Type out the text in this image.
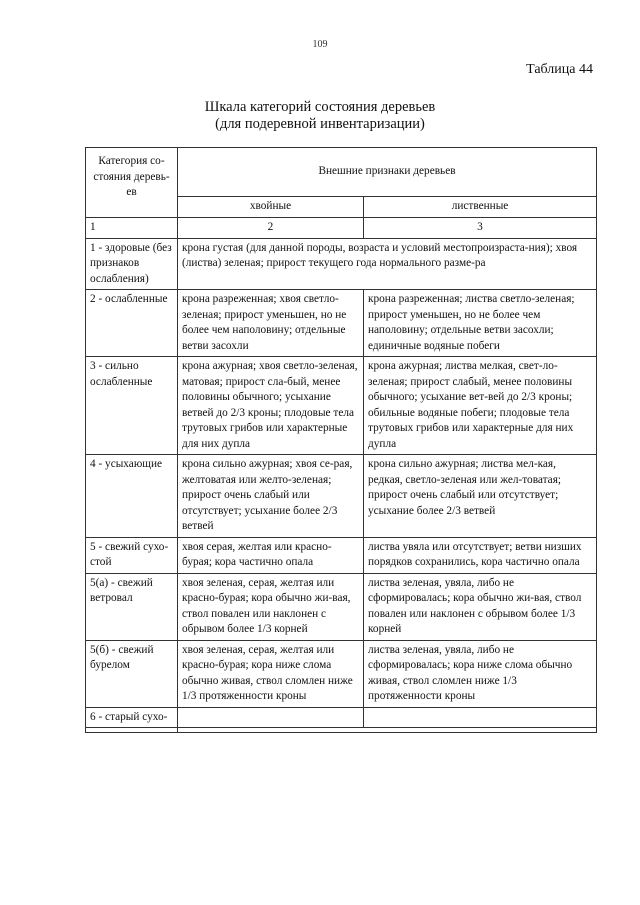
109
Таблица 44
Шкала категорий состояния деревьев
(для подеревной инвентаризации)
Категория со-стояния деревь-ев	Внешние признаки деревьев	
	хвойные	лиственные
1	2	3
1 - здоровые (без признаков ослабления)	крона густая (для данной породы, возраста и условий местопроизраста-ния); хвоя (листва) зеленая; прирост текущего года нормального разме-ра	
2 - ослабленные	крона разреженная; хвоя светло-зеленая; прирост уменьшен, но не более чем наполовину; отдельные ветви засохли	крона разреженная; листва светло-зеленая; прирост уменьшен, но не более чем наполовину; отдельные ветви засохли; единичные водяные побеги
3 - сильно ослабленные	крона ажурная; хвоя светло-зеленая, матовая; прирост сла-бый, менее половины обычного; усыхание ветвей до 2/3 кроны; плодовые тела трутовых грибов или характерные для них дупла	крона ажурная; листва мелкая, свет-ло-зеленая; прирост слабый, менее половины обычного; усыхание вет-вей до 2/3 кроны; обильные водяные побеги; плодовые тела трутовых грибов или характерные для них дупла
4 - усыхающие	крона сильно ажурная; хвоя се-рая, желтоватая или желто-зеленая; прирост очень слабый или отсутствует; усыхание более 2/3 ветвей	крона сильно ажурная; листва мел-кая, редкая, светло-зеленая или жел-товатая; прирост очень слабый или отсутствует; усыхание более 2/3 ветвей
5 - свежий сухо-стой	хвоя серая, желтая или красно-бурая; кора частично опала	листва увяла или отсутствует; ветви низших порядков сохранились, кора частично опала
5(а) - свежий ветровал	хвоя зеленая, серая, желтая или красно-бурая; кора обычно жи-вая, ствол повален или наклонен с обрывом более 1/3 корней	листва зеленая, увяла, либо не сформировалась; кора обычно жи-вая, ствол повален или наклонен с обрывом более 1/3 корней
5(б) - свежий бурелом	хвоя зеленая, серая, желтая или красно-бурая; кора ниже слома обычно живая, ствол сломлен ниже 1/3 протяженности кроны	листва зеленая, увяла, либо не сформировалась; кора ниже слома обычно живая, ствол сломлен ниже 1/3 протяженности кроны
6 - старый сухо-		
